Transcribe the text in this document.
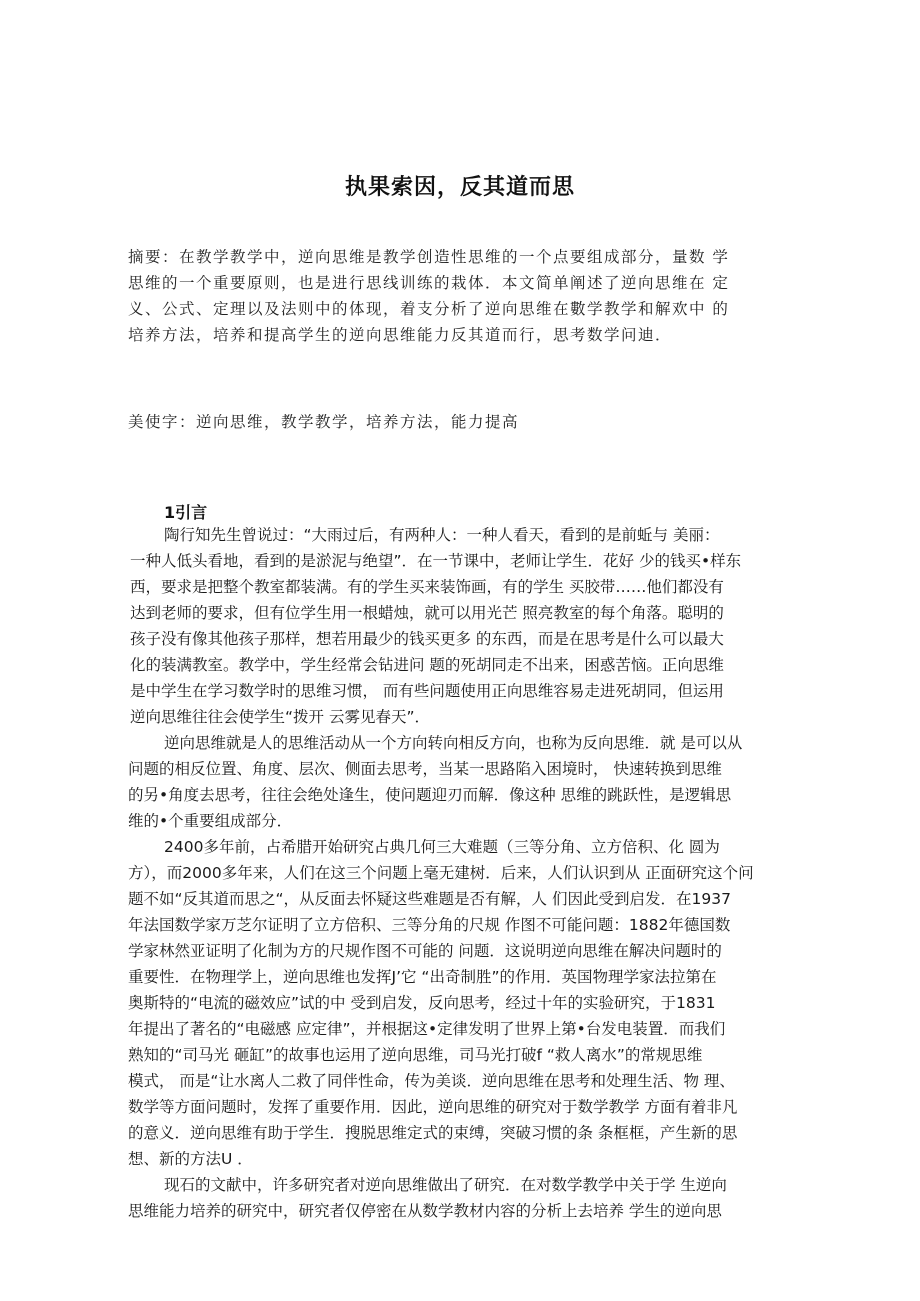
执果索因，反其道而思

摘要：在教学教学中，逆向思维是教学创造性思维的一个点要组成部分，量数 学

思维的一个重要原则，也是进行思线训练的栽体．本文简单阐述了逆向思维在 定

义、公式、定理以及法则中的体现，着支分析了逆向思维在數学教学和解欢中 的

培养方法，培养和提高学生的逆向思维能力反其道而行，思考数学问迪．

美使字：逆向思维，教学教学，培养方法，能力提高
1引言

陶行知先生曾说过：“大雨过后，有两种人：一种人看天，看到的是前蚯与 美丽：

一种人低头看地，看到的是淤泥与绝望”．在一节课中，老师让学生．花好 少的钱买•样东

西，要求是把整个教室都装满。有的学生买来装饰画，有的学生 买胶带……他们都没有

达到老师的要求，但有位学生用一根蜡烛，就可以用光芒 照亮教室的每个角落。聪明的

孩子没有像其他孩子那样，想若用最少的钱买更多 的东西，而是在思考是什么可以最大

化的装满教室。教学中，学生经常会钻进问 题的死胡同走不出来，困惑苦恼。正向思维

是中学生在学习数学时的思维习惯， 而有些问题使用正向思维容易走进死胡同，但运用

逆向思维往往会使学生“拨开 云雾见春天”．

逆向思维就是人的思维活动从一个方向转向相反方向，也称为反向思维．就 是可以从

问题的相反位置、角度、层次、侧面去思考，当某一思路陷入困境时， 快速转换到思维

的另•角度去思考，往往会绝处逢生，使问题迎刃而解．像这种 思维的跳跃性，是逻辑思

维的•个重要组成部分．

2400多年前，占希腊开始研究占典几何三大难题（三等分角、立方倍积、化 圆为

方），而2000多年来，人们在这三个问题上毫无建树．后来，人们认识到从 正面研究这个问

题不如“反其道而思之“，从反面去怀疑这些难题是否有解，人 们因此受到启发．在1937

年法国数学家万芝尔证明了立方倍积、三等分角的尺规 作图不可能问题：1882年德国数

学家林然亚证明了化制为方的尺规作图不可能的 问题．这说明逆向思维在解决问题时的

重要性．在物理学上，逆向思维也发挥J’它 “出奇制胜”的作用．英国物理学家法拉第在

奥斯特的“电流的磁效应”试的中 受到启发，反向思考，经过十年的实验研究，于1831

年提出了著名的“电磁感 应定律”，并根据这•定律发明了世界上第•台发电装置．而我们

熟知的“司马光 砸缸”的故事也运用了逆向思维，司马光打破f “救人离水”的常规思维

模式， 而是“让水离人二救了同伴性命，传为美谈．逆向思维在思考和处理生活、物 理、

数学等方面问题时，发挥了重要作用．因此，逆向思维的研究对于数学教学 方面有着非凡

的意义．逆向思维有助于学生．搜脱思维定式的束缚，突破习惯的条 条框框，产生新的思

想、新的方法U ．

现石的文献中，许多研究者对逆向思维做出了研究．在对数学教学中关于学 生逆向

思维能力培养的研究中，研究者仅停密在从数学教材内容的分析上去培养 学生的逆向思
